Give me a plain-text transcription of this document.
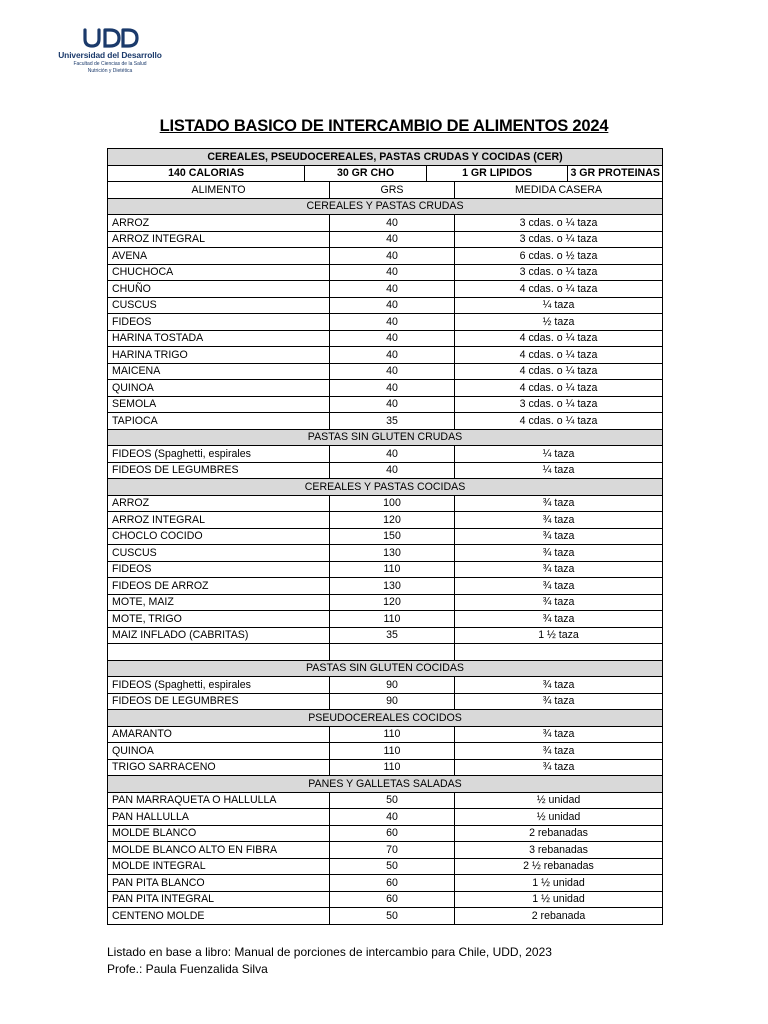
Universidad del Desarrollo
Facultad de Ciencias de la Salud
Nutrición y Dietética
LISTADO BASICO DE INTERCAMBIO DE ALIMENTOS 2024
CEREALES, PSEUDOCEREALES, PASTAS CRUDAS Y COCIDAS (CER)

140 CALORIAS	30 GR CHO	1 GR LIPIDOS	3 GR PROTEINAS

ALIMENTO	GRS	MEDIDA CASERA
CEREALES Y PASTAS CRUDAS
ARROZ	40	3 cdas. o ¼ taza
ARROZ INTEGRAL	40	3 cdas. o ¼ taza
AVENA	40	6 cdas. o ½ taza
CHUCHOCA	40	3 cdas. o ¼ taza
CHUÑO	40	4 cdas. o ¼ taza
CUSCUS	40	¼ taza
FIDEOS	40	½ taza
HARINA TOSTADA	40	4 cdas. o ¼ taza
HARINA TRIGO	40	4 cdas. o ¼ taza
MAICENA	40	4 cdas. o ¼ taza
QUINOA	40	4 cdas. o ¼ taza
SEMOLA	40	3 cdas. o ¼ taza
TAPIOCA	35	4 cdas. o ¼ taza
PASTAS SIN GLUTEN CRUDAS
FIDEOS (Spaghetti, espirales	40	¼ taza
FIDEOS DE LEGUMBRES	40	¼ taza
CEREALES Y PASTAS COCIDAS
ARROZ	100	¾ taza
ARROZ INTEGRAL	120	¾ taza
CHOCLO COCIDO	150	¾ taza
CUSCUS	130	¾ taza
FIDEOS	110	¾ taza
FIDEOS DE ARROZ	130	¾ taza
MOTE, MAIZ	120	¾ taza
MOTE, TRIGO	110	¾ taza
MAIZ INFLADO (CABRITAS)	35	1 ½ taza

PASTAS SIN GLUTEN COCIDAS
FIDEOS (Spaghetti, espirales	90	¾ taza
FIDEOS DE LEGUMBRES	90	¾ taza
PSEUDOCEREALES COCIDOS
AMARANTO	110	¾ taza
QUINOA	110	¾ taza
TRIGO SARRACENO	110	¾ taza
PANES Y GALLETAS SALADAS
PAN MARRAQUETA O HALLULLA	50	½ unidad
PAN HALLULLA	40	½ unidad
MOLDE BLANCO	60	2 rebanadas
MOLDE BLANCO ALTO EN FIBRA	70	3 rebanadas
MOLDE INTEGRAL	50	2 ½ rebanadas
PAN PITA BLANCO	60	1 ½ unidad
PAN PITA INTEGRAL	60	1 ½ unidad
CENTENO MOLDE	50	2 rebanada
Listado en base a libro: Manual de porciones de intercambio para Chile, UDD, 2023
Profe.: Paula Fuenzalida Silva
